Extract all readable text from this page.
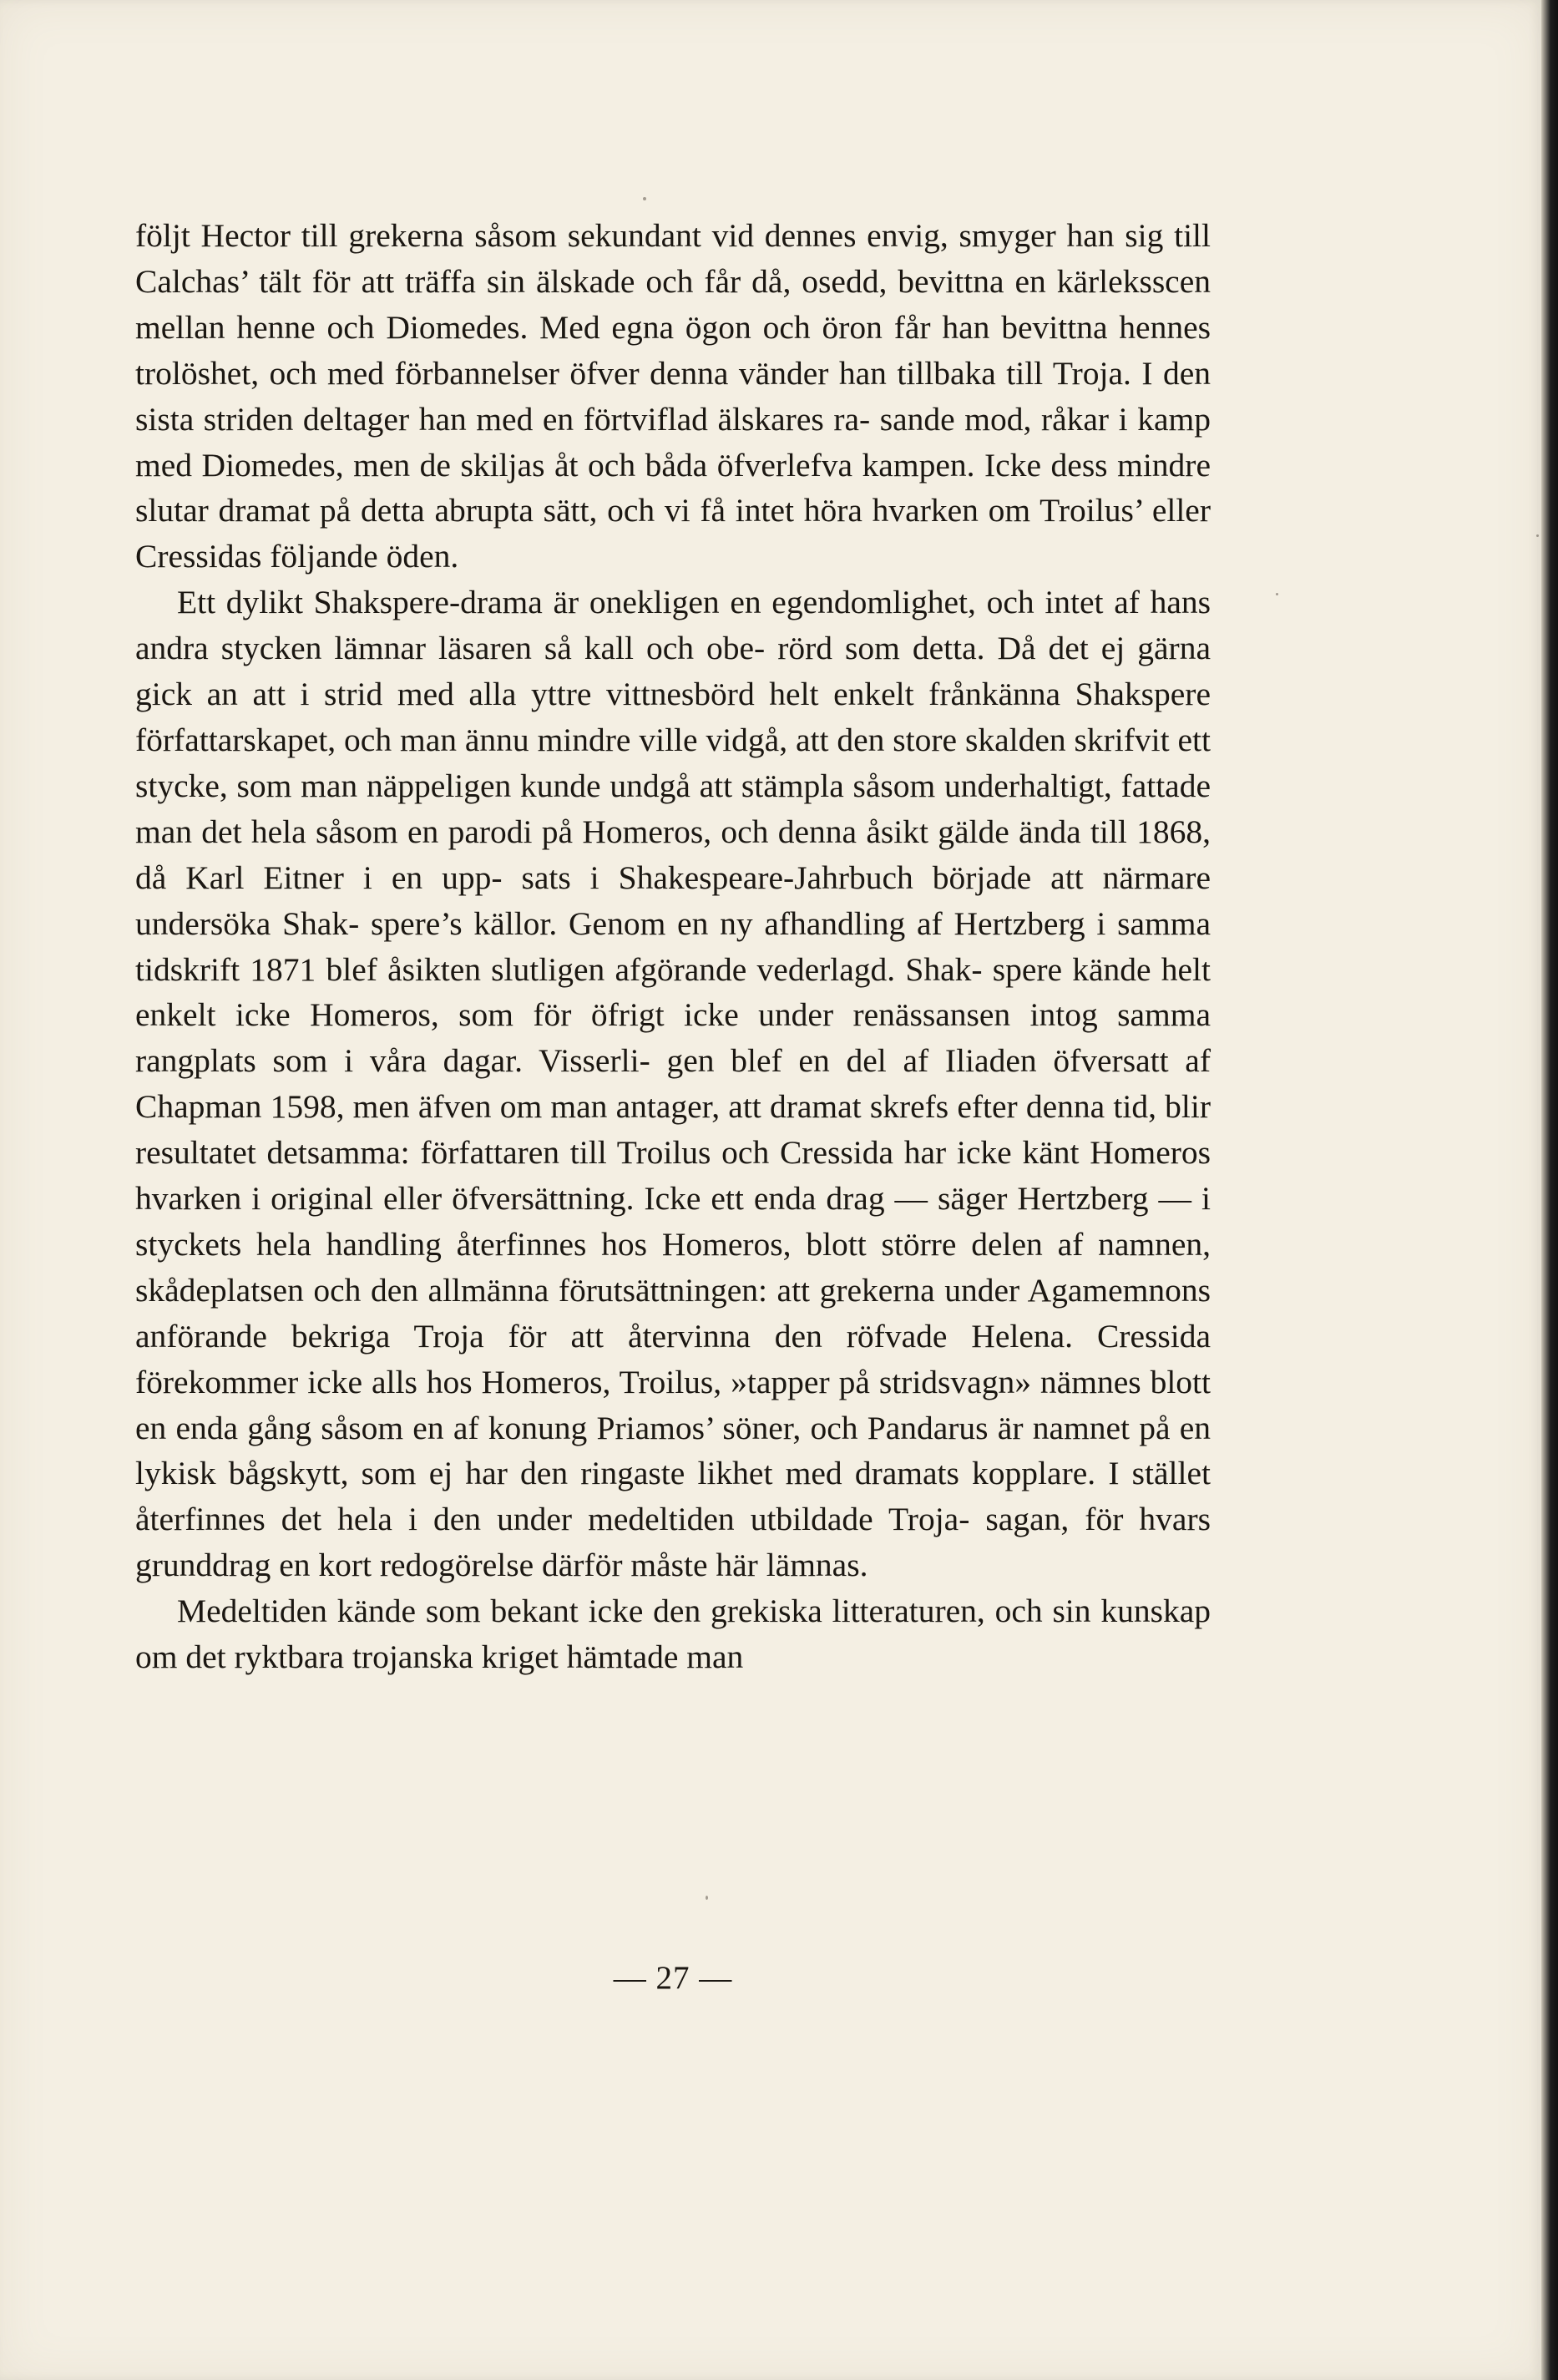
följt Hector till grekerna såsom sekundant vid dennes envig, smyger han sig till Calchas’ tält för att träffa sin älskade och får då, osedd, bevittna en kärleksscen mellan henne och Diomedes. Med egna ögon och öron får han bevittna hennes trolöshet, och med förbannelser öfver denna vänder han tillbaka till Troja. I den sista striden deltager han med en förtviflad älskares ra- sande mod, råkar i kamp med Diomedes, men de skiljas åt och båda öfverlefva kampen. Icke dess mindre slutar dramat på detta abrupta sätt, och vi få intet höra hvarken om Troilus’ eller Cressidas följande öden.

Ett dylikt Shakspere-drama är onekligen en egendomlighet, och intet af hans andra stycken lämnar läsaren så kall och obe- rörd som detta. Då det ej gärna gick an att i strid med alla yttre vittnesbörd helt enkelt frånkänna Shakspere författarskapet, och man ännu mindre ville vidgå, att den store skalden skrifvit ett stycke, som man näppeligen kunde undgå att stämpla såsom underhaltigt, fattade man det hela såsom en parodi på Homeros, och denna åsikt gälde ända till 1868, då Karl Eitner i en upp- sats i Shakespeare-Jahrbuch började att närmare undersöka Shak- spere’s källor. Genom en ny afhandling af Hertzberg i samma tidskrift 1871 blef åsikten slutligen afgörande vederlagd. Shak- spere kände helt enkelt icke Homeros, som för öfrigt icke under renässansen intog samma rangplats som i våra dagar. Visserli- gen blef en del af Iliaden öfversatt af Chapman 1598, men äfven om man antager, att dramat skrefs efter denna tid, blir resultatet detsamma: författaren till Troilus och Cressida har icke känt Homeros hvarken i original eller öfversättning. Icke ett enda drag — säger Hertzberg — i styckets hela handling återfinnes hos Homeros, blott större delen af namnen, skådeplatsen och den allmänna förutsättningen: att grekerna under Agamemnons anförande bekriga Troja för att återvinna den röfvade Helena. Cressida förekommer icke alls hos Homeros, Troilus, »tapper på stridsvagn» nämnes blott en enda gång såsom en af konung Priamos’ söner, och Pandarus är namnet på en lykisk bågskytt, som ej har den ringaste likhet med dramats kopplare. I stället återfinnes det hela i den under medeltiden utbildade Troja- sagan, för hvars grunddrag en kort redogörelse därför måste här lämnas.

Medeltiden kände som bekant icke den grekiska litteraturen, och sin kunskap om det ryktbara trojanska kriget hämtade man

— 27 —
